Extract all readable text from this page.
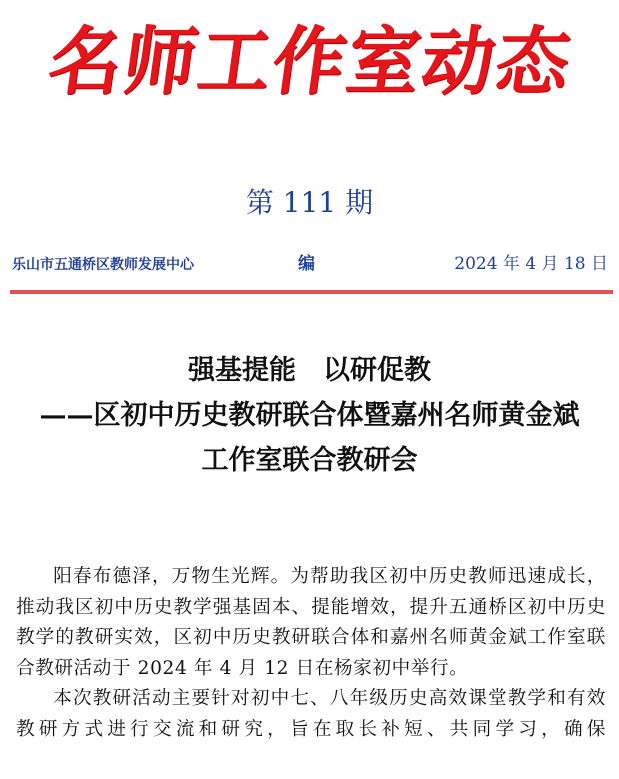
名师工作室动态
第 111 期
乐山市五通桥区教师发展中心	编	2024 年 4 月 18 日
强基提能　以研促教
——区初中历史教研联合体暨嘉州名师黄金斌
工作室联合教研会

阳春布德泽，万物生光辉。为帮助我区初中历史教师迅速成长，推动我区初中历史教学强基固本、提能增效，提升五通桥区初中历史教学的教研实效，区初中历史教研联合体和嘉州名师黄金斌工作室联合教研活动于 2024 年 4 月 12 日在杨家初中举行。

本次教研活动主要针对初中七、八年级历史高效课堂教学和有效教研方式进行交流和研究，旨在取长补短、共同学习，确保
